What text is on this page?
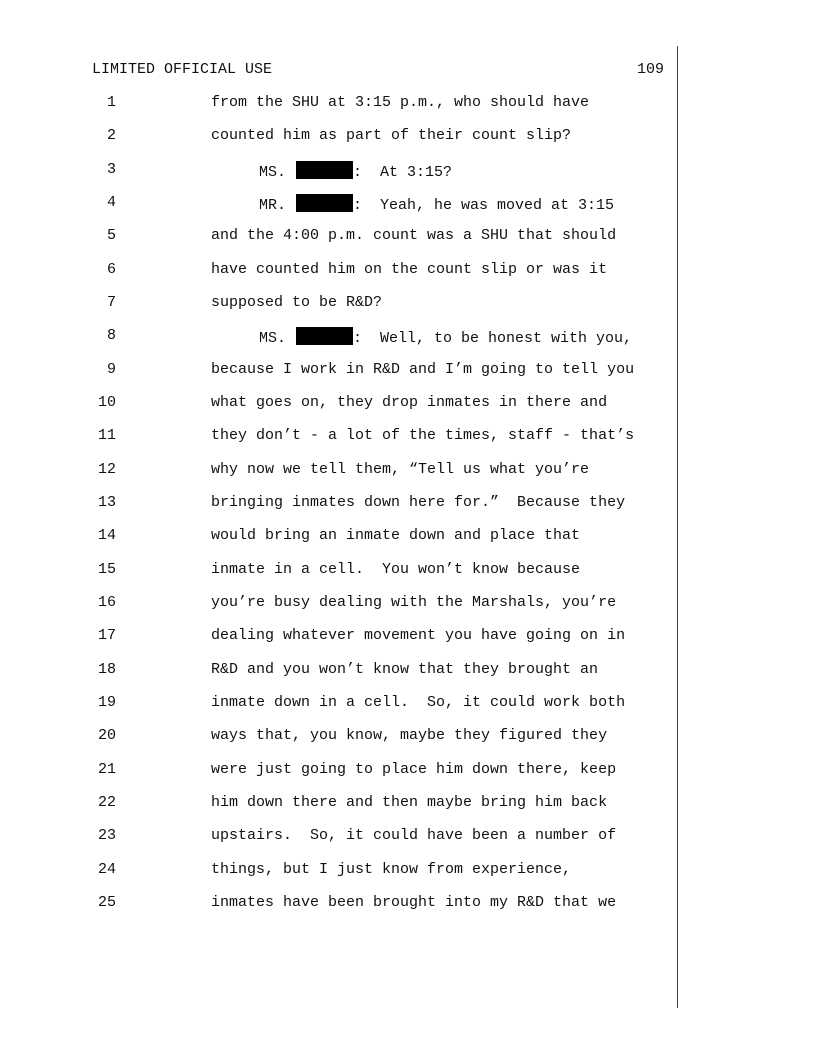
LIMITED OFFICIAL USE	109
1	from the SHU at 3:15 p.m., who should have
2	counted him as part of their count slip?
3	MS.	:  At 3:15?
4	MR.	:  Yeah, he was moved at 3:15
5	and the 4:00 p.m. count was a SHU that should
6	have counted him on the count slip or was it
7	supposed to be R&D?
8	MS.	:  Well, to be honest with you,
9	because I work in R&D and I’m going to tell you
10	what goes on, they drop inmates in there and
11	they don’t - a lot of the times, staff - that’s
12	why now we tell them, “Tell us what you’re
13	bringing inmates down here for.”  Because they
14	would bring an inmate down and place that
15	inmate in a cell.  You won’t know because
16	you’re busy dealing with the Marshals, you’re
17	dealing whatever movement you have going on in
18	R&D and you won’t know that they brought an
19	inmate down in a cell.  So, it could work both
20	ways that, you know, maybe they figured they
21	were just going to place him down there, keep
22	him down there and then maybe bring him back
23	upstairs.  So, it could have been a number of
24	things, but I just know from experience,
25	inmates have been brought into my R&D that we
